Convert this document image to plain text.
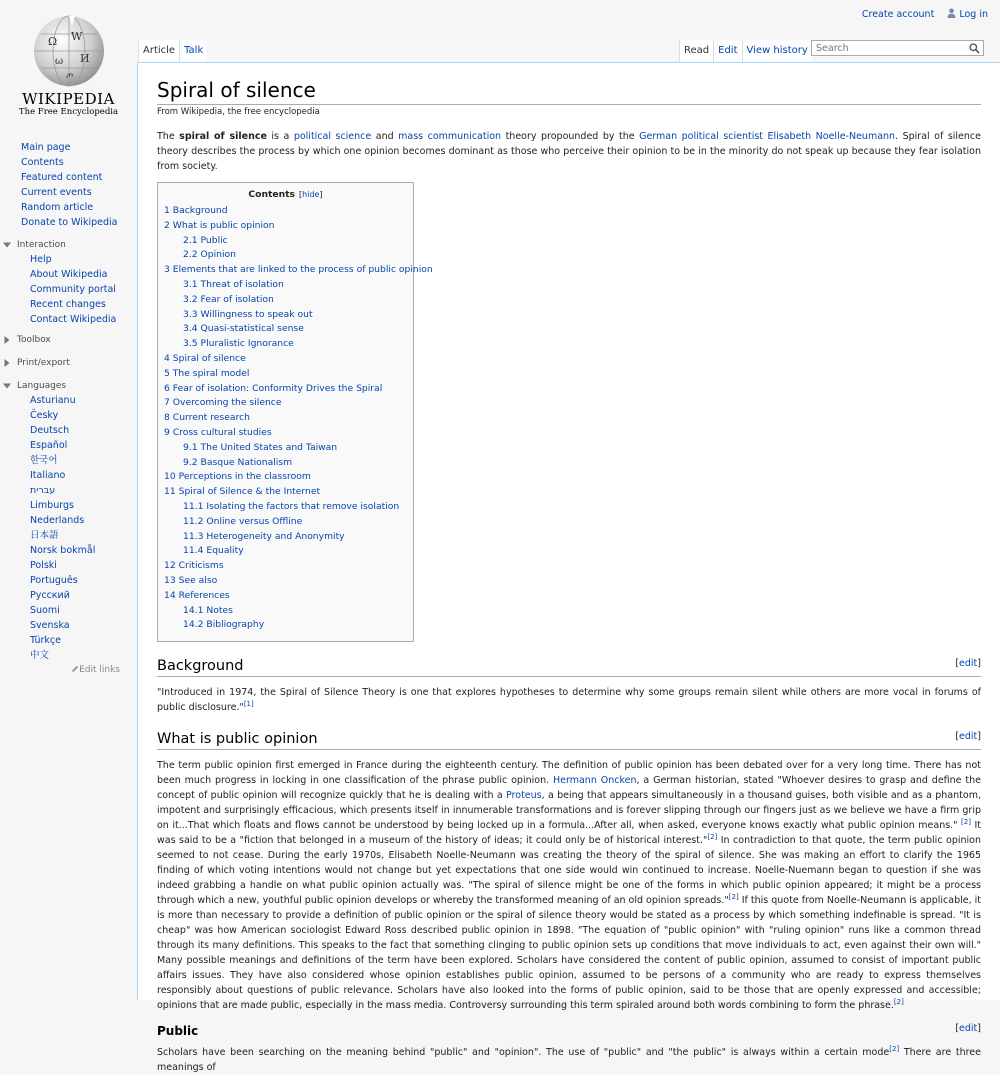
Create account	Log in
Ω W
ω И
ጦ
WIKIPEDIA
The Free Encyclopedia
Article Talk	Read Edit View history
Search
Main page
Contents
Featured content
Current events
Random article
Donate to Wikipedia
Interaction
Help
About Wikipedia
Community portal
Recent changes
Contact Wikipedia
Toolbox
Print/export
Languages
Asturianu
Česky
Deutsch
Español
한국어
Italiano
עברית
Limburgs
Nederlands
日本語
Norsk bokmål
Polski
Português
Русский
Suomi
Svenska
Türkçe
中文
Edit links
Spiral of silence
From Wikipedia, the free encyclopedia

The spiral of silence is a political science and mass communication theory propounded by the German political scientist Elisabeth Noelle-Neumann. Spiral of silence theory describes the process by which one opinion becomes dominant as those who perceive their opinion to be in the minority do not speak up because they fear isolation from society.

Contents [hide]
1 Background
2 What is public opinion
2.1 Public
2.2 Opinion
3 Elements that are linked to the process of public opinion
3.1 Threat of isolation
3.2 Fear of isolation
3.3 Willingness to speak out
3.4 Quasi-statistical sense
3.5 Pluralistic Ignorance
4 Spiral of silence
5 The spiral model
6 Fear of isolation: Conformity Drives the Spiral
7 Overcoming the silence
8 Current research
9 Cross cultural studies
9.1 The United States and Taiwan
9.2 Basque Nationalism
10 Perceptions in the classroom
11 Spiral of Silence & the Internet
11.1 Isolating the factors that remove isolation
11.2 Online versus Offline
11.3 Heterogeneity and Anonymity
11.4 Equality
12 Criticisms
13 See also
14 References
14.1 Notes
14.2 Bibliography
Background	[edit]

"Introduced in 1974, the Spiral of Silence Theory is one that explores hypotheses to determine why some groups remain silent while others are more vocal in forums of public disclosure."[1]

What is public opinion	[edit]

The term public opinion first emerged in France during the eighteenth century. The definition of public opinion has been debated over for a very long time. There has not been much progress in locking in one classification of the phrase public opinion. Hermann Oncken, a German historian, stated "Whoever desires to grasp and define the concept of public opinion will recognize quickly that he is dealing with a Proteus, a being that appears simultaneously in a thousand guises, both visible and as a phantom, impotent and surprisingly efficacious, which presents itself in innumerable transformations and is forever slipping through our fingers just as we believe we have a firm grip on it...That which floats and flows cannot be understood by being locked up in a formula...After all, when asked, everyone knows exactly what public opinion means." [2] It was said to be a "fiction that belonged in a museum of the history of ideas; it could only be of historical interest."[2] In contradiction to that quote, the term public opinion seemed to not cease. During the early 1970s, Elisabeth Noelle-Neumann was creating the theory of the spiral of silence. She was making an effort to clarify the 1965 finding of which voting intentions would not change but yet expectations that one side would win continued to increase. Noelle-Nuemann began to question if she was indeed grabbing a handle on what public opinion actually was. "The spiral of silence might be one of the forms in which public opinion appeared; it might be a process through which a new, youthful public opinion develops or whereby the transformed meaning of an old opinion spreads."[2] If this quote from Noelle-Neumann is applicable, it is more than necessary to provide a definition of public opinion or the spiral of silence theory would be stated as a process by which something indefinable is spread. "It is cheap" was how American sociologist Edward Ross described public opinion in 1898. "The equation of "public opinion" with "ruling opinion" runs like a common thread through its many definitions. This speaks to the fact that something clinging to public opinion sets up conditions that move individuals to act, even against their own will." Many possible meanings and definitions of the term have been explored. Scholars have considered the content of public opinion, assumed to consist of important public affairs issues. They have also considered whose opinion establishes public opinion, assumed to be persons of a community who are ready to express themselves responsibly about questions of public relevance. Scholars have also looked into the forms of public opinion, said to be those that are openly expressed and accessible; opinions that are made public, especially in the mass media. Controversy surrounding this term spiraled around both words combining to form the phrase.[2]

Public	[edit]

Scholars have been searching on the meaning behind "public" and "opinion". The use of "public" and "the public" is always within a certain mode[2] There are three meanings of
